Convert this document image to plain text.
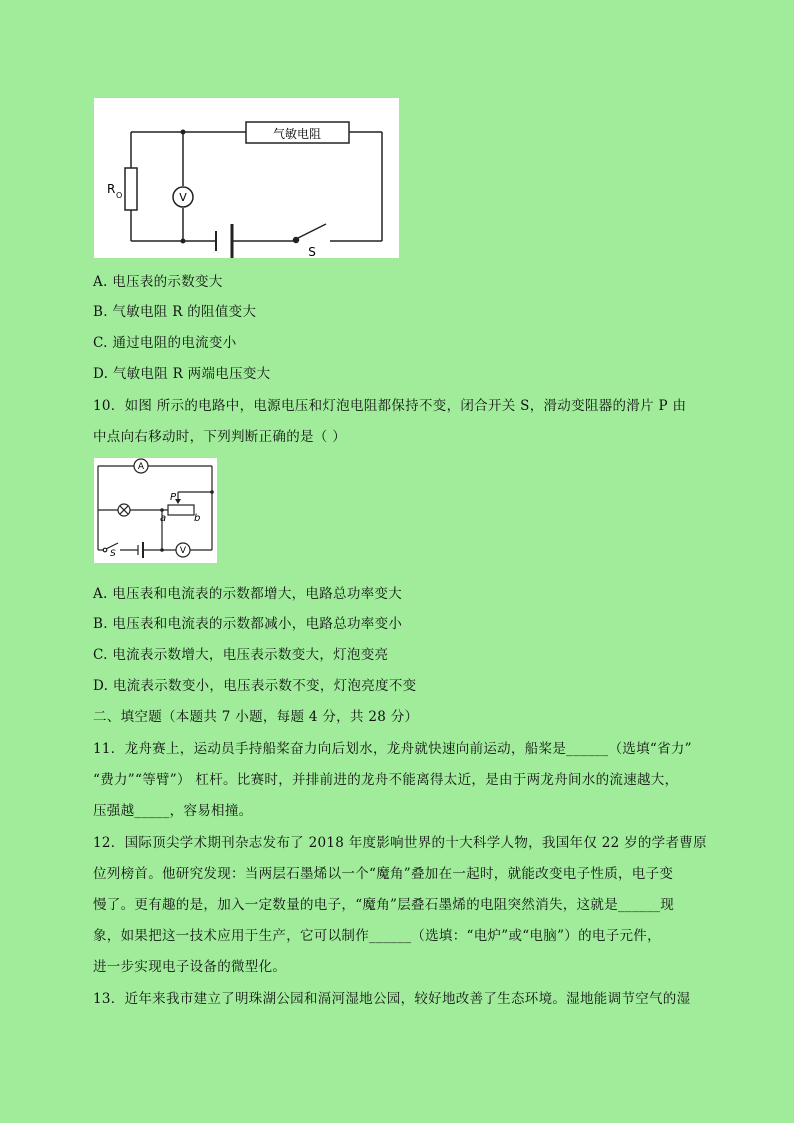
气敏电阻
R O	V
S
A. 电压表的示数变大
B. 气敏电阻 R 的阻值变大
C. 通过电阻的电流变小
D. 气敏电阻 R 两端电压变大
10．如图 所示的电路中，电源电压和灯泡电阻都保持不变，闭合开关 S，滑动变阻器的滑片 P 由
中点向右移动时，下列判断正确的是（ ）
A
V
P
a	b
S
A. 电压表和电流表的示数都增大，电路总功率变大
B. 电压表和电流表的示数都减小，电路总功率变小
C. 电流表示数增大，电压表示数变大，灯泡变亮
D. 电流表示数变小，电压表示数不变，灯泡亮度不变
二、填空题（本题共 7 小题，每题 4 分，共 28 分）
11．龙舟赛上，运动员手持船桨奋力向后划水，龙舟就快速向前运动，船桨是______（选填“省力”
“费力”“等臂”） 杠杆。比赛时，并排前进的龙舟不能离得太近，是由于两龙舟间水的流速越大，
压强越_____，容易相撞。
12．国际顶尖学术期刊杂志发布了 2018 年度影响世界的十大科学人物，我国年仅 22 岁的学者曹原
位列榜首。他研究发现：当两层石墨烯以一个“魔角”叠加在一起时，就能改变电子性质，电子变
慢了。更有趣的是，加入一定数量的电子，“魔角”层叠石墨烯的电阻突然消失，这就是______现
象，如果把这一技术应用于生产，它可以制作______（选填：“电炉”或“电脑”）的电子元件，
进一步实现电子设备的微型化。
13．近年来我市建立了明珠湖公园和滆河湿地公园，较好地改善了生态环境。湿地能调节空气的湿
